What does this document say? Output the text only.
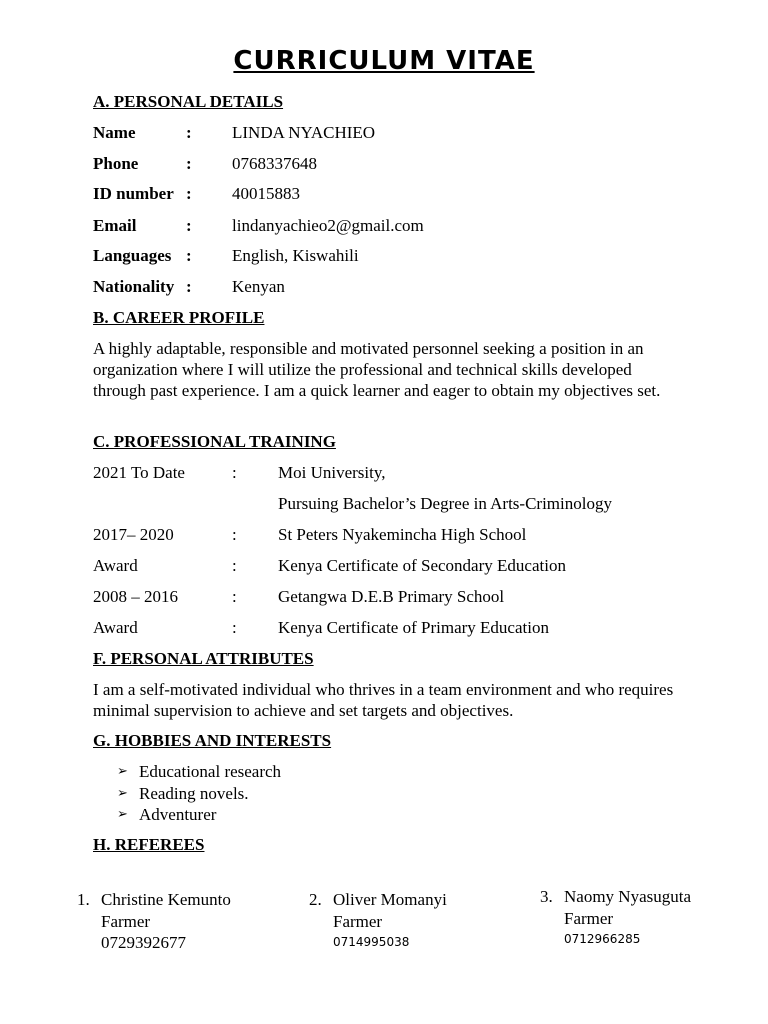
CURRICULUM VITAE
A. PERSONAL DETAILS
Name	: LINDA NYACHIEO
Phone	: 0768337648
ID number : 40015883
Email	: lindanyachieo2@gmail.com
Languages : English, Kiswahili
Nationality : Kenyan
B. CAREER PROFILE
A highly adaptable, responsible and motivated personnel seeking a position in an organization where I will utilize the professional and technical skills developed through past experience. I am a quick learner and eager to obtain my objectives set.
C. PROFESSIONAL TRAINING
2021 To Date	: Moi University,
Pursuing Bachelor’s Degree in Arts-Criminology
2017– 2020	: St Peters Nyakemincha High School
Award	: Kenya Certificate of Secondary Education
2008 – 2016	: Getangwa D.E.B Primary School
Award	: Kenya Certificate of Primary Education
F. PERSONAL ATTRIBUTES
I am a self-motivated individual who thrives in a team environment and who requires minimal supervision to achieve and set targets and objectives.
G. HOBBIES AND INTERESTS
➢ Educational research
➢ Reading novels.
➢ Adventurer
H. REFEREES
1. Christine Kemunto
Farmer
0729392677
2. Oliver Momanyi
Farmer
0714995038
3. Naomy Nyasuguta
Farmer
0712966285
